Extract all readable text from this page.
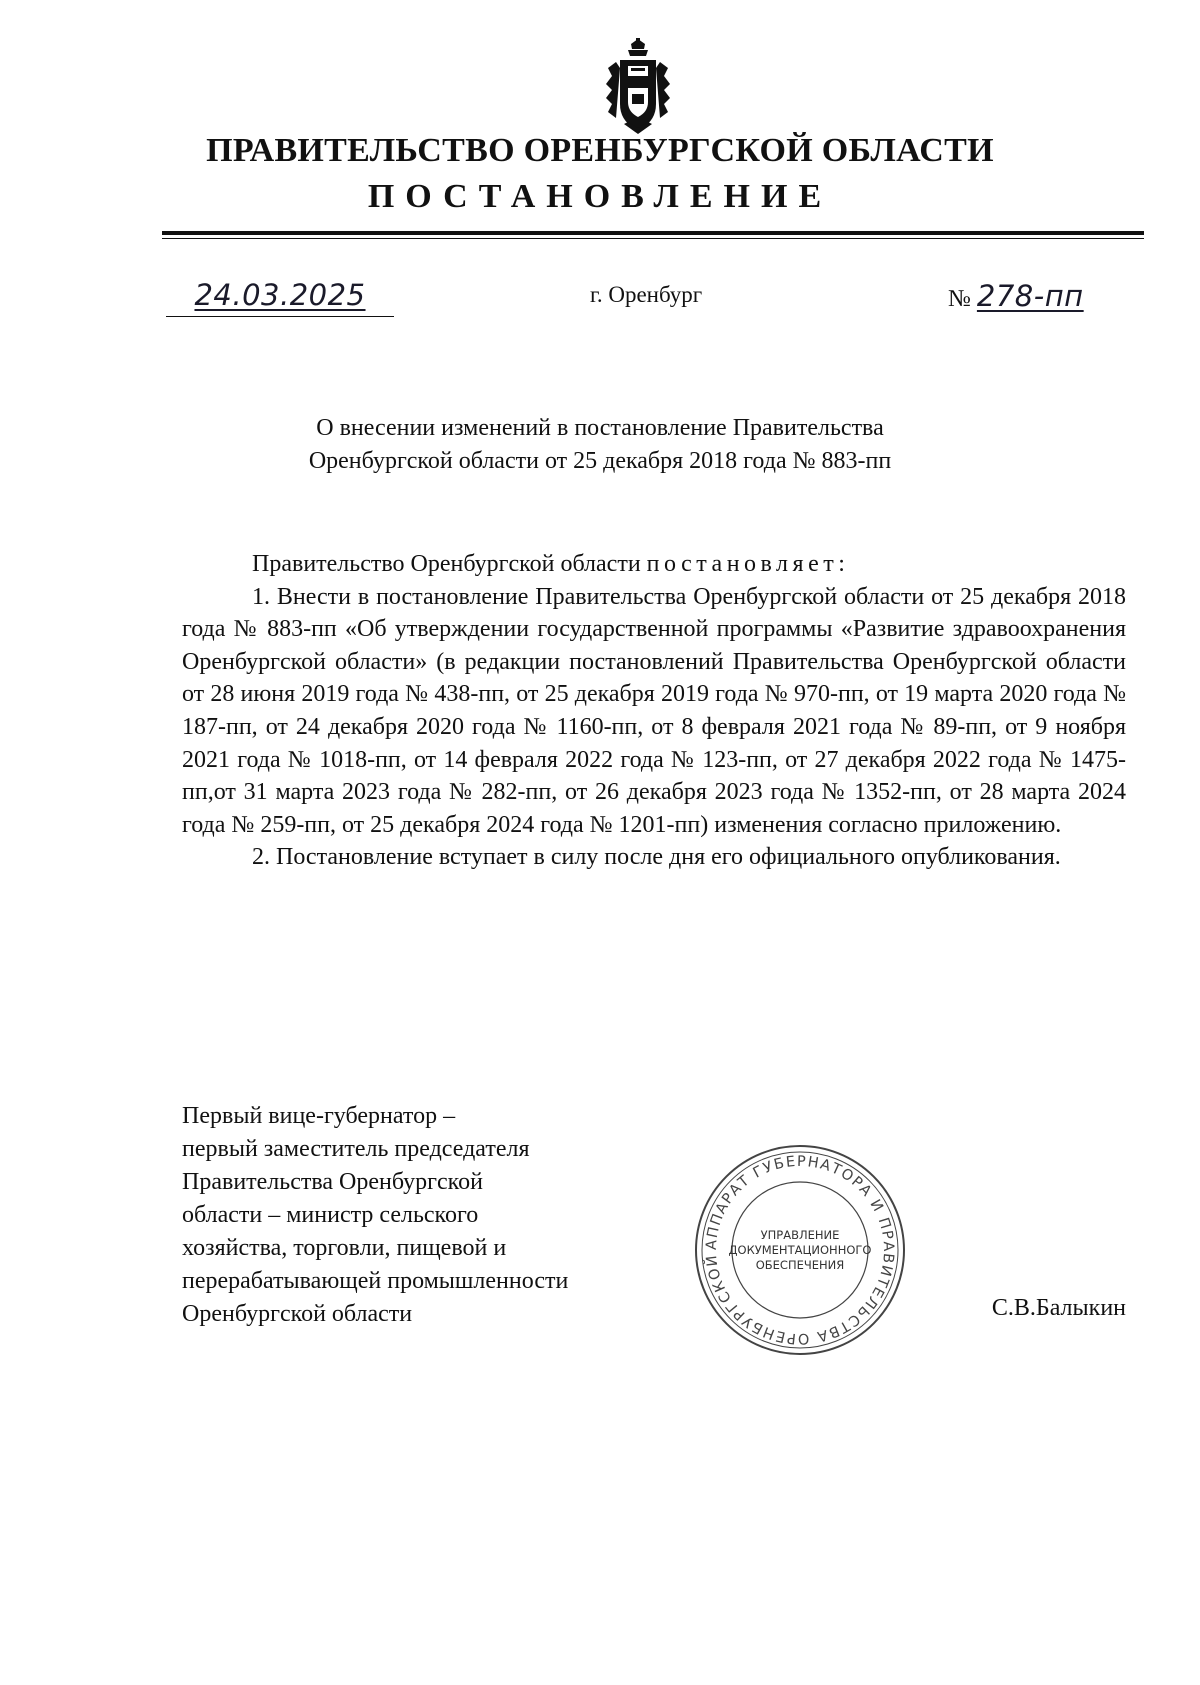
ПРАВИТЕЛЬСТВО ОРЕНБУРГСКОЙ ОБЛАСТИ
ПОСТАНОВЛЕНИЕ
24.03.2025	г. Оренбург	№ 278-пп
О внесении изменений в постановление Правительства
Оренбургской области от 25 декабря 2018 года № 883-пп

Правительство Оренбургской области постановляет:

1. Внести в постановление Правительства Оренбургской области от 25 декабря 2018 года № 883-пп «Об утверждении государственной программы «Развитие здравоохранения Оренбургской области» (в редакции постановлений Правительства Оренбургской области от 28 июня 2019 года № 438-пп, от 25 декабря 2019 года № 970-пп, от 19 марта 2020 года № 187-пп, от 24 декабря 2020 года № 1160-пп, от 8 февраля 2021 года № 89-пп, от 9 ноября 2021 года № 1018-пп, от 14 февраля 2022 года № 123-пп, от 27 декабря 2022 года № 1475-пп,от 31 марта 2023 года № 282-пп, от 26 декабря 2023 года № 1352-пп, от 28 марта 2024 года № 259-пп, от 25 декабря 2024 года № 1201-пп) изменения согласно приложению.

2. Постановление вступает в силу после дня его официального опубликования.

Первый вице-губернатор –
первый заместитель председателя
Правительства Оренбургской
области – министр сельского
хозяйства, торговли, пищевой и
перерабатывающей промышленности
Оренбургской области
АППАРАТ ГУБЕРНАТОРА И ПРАВИТЕЛЬСТВА ОРЕНБУРГСКОЙ
УПРАВЛЕНИЕ
ДОКУМЕНТАЦИОННОГО
ОБЕСПЕЧЕНИЯ
С.В.Балыкин
